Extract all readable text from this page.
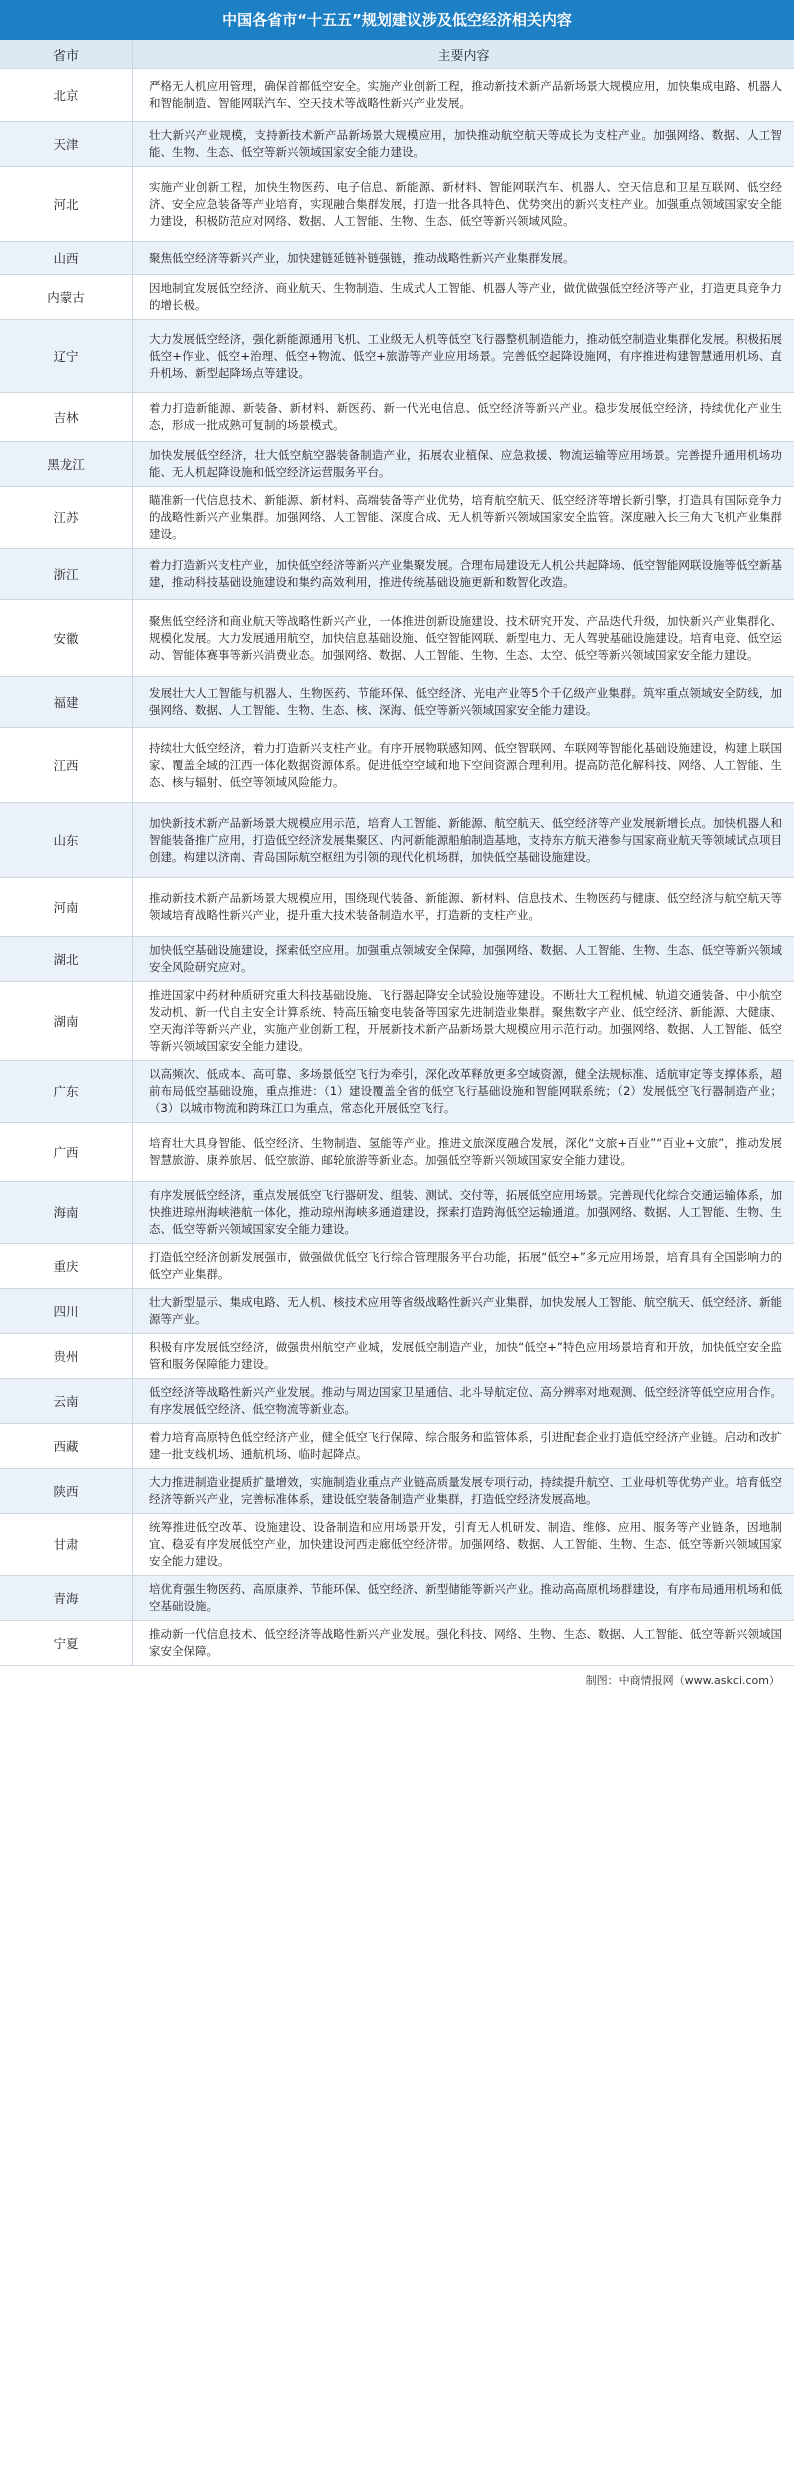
中国各省市“十五五”规划建议涉及低空经济相关内容
省市	主要内容
北京
严格无人机应用管理，确保首都低空安全。实施产业创新工程，推动新技术新产品新场景大规模应用，加快集成电路、机器人和智能制造、智能网联汽车、空天技术等战略性新兴产业发展。
天津
壮大新兴产业规模，支持新技术新产品新场景大规模应用，加快推动航空航天等成长为支柱产业。加强网络、数据、人工智能、生物、生态、低空等新兴领域国家安全能力建设。
河北
实施产业创新工程，加快生物医药、电子信息、新能源、新材料、智能网联汽车、机器人、空天信息和卫星互联网、低空经济、安全应急装备等产业培育，实现融合集群发展，打造一批各具特色、优势突出的新兴支柱产业。加强重点领域国家安全能力建设，积极防范应对网络、数据、人工智能、生物、生态、低空等新兴领域风险。
山西	聚焦低空经济等新兴产业，加快建链延链补链强链，推动战略性新兴产业集群发展。
内蒙古
因地制宜发展低空经济、商业航天、生物制造、生成式人工智能、机器人等产业，做优做强低空经济等产业，打造更具竞争力的增长极。
辽宁
大力发展低空经济，强化新能源通用飞机、工业级无人机等低空飞行器整机制造能力，推动低空制造业集群化发展。积极拓展低空+作业、低空+治理、低空+物流、低空+旅游等产业应用场景。完善低空起降设施网，有序推进构建智慧通用机场、直升机场、新型起降场点等建设。
吉林
着力打造新能源、新装备、新材料、新医药、新一代光电信息、低空经济等新兴产业。稳步发展低空经济，持续优化产业生态，形成一批成熟可复制的场景模式。
黑龙江
加快发展低空经济，壮大低空航空器装备制造产业，拓展农业植保、应急救援、物流运输等应用场景。完善提升通用机场功能、无人机起降设施和低空经济运营服务平台。
江苏
瞄准新一代信息技术、新能源、新材料、高端装备等产业优势，培育航空航天、低空经济等增长新引擎，打造具有国际竞争力的战略性新兴产业集群。加强网络、人工智能、深度合成、无人机等新兴领域国家安全监管。深度融入长三角大飞机产业集群建设。
浙江
着力打造新兴支柱产业，加快低空经济等新兴产业集聚发展。合理布局建设无人机公共起降场、低空智能网联设施等低空新基建，推动科技基础设施建设和集约高效利用，推进传统基础设施更新和数智化改造。
安徽
聚焦低空经济和商业航天等战略性新兴产业，一体推进创新设施建设、技术研究开发、产品迭代升级，加快新兴产业集群化、规模化发展。大力发展通用航空，加快信息基础设施、低空智能网联、新型电力、无人驾驶基础设施建设。培育电竞、低空运动、智能体赛事等新兴消费业态。加强网络、数据、人工智能、生物、生态、太空、低空等新兴领域国家安全能力建设。
福建
发展壮大人工智能与机器人、生物医药、节能环保、低空经济、光电产业等5个千亿级产业集群。筑牢重点领域安全防线，加强网络、数据、人工智能、生物、生态、核、深海、低空等新兴领域国家安全能力建设。
江西
持续壮大低空经济，着力打造新兴支柱产业。有序开展物联感知网、低空智联网、车联网等智能化基础设施建设，构建上联国家、覆盖全域的江西一体化数据资源体系。促进低空空域和地下空间资源合理利用。提高防范化解科技、网络、人工智能、生态、核与辐射、低空等领域风险能力。
山东
加快新技术新产品新场景大规模应用示范，培育人工智能、新能源、航空航天、低空经济等产业发展新增长点。加快机器人和智能装备推广应用，打造低空经济发展集聚区、内河新能源船舶制造基地，支持东方航天港参与国家商业航天等领域试点项目创建。构建以济南、青岛国际航空枢纽为引领的现代化机场群，加快低空基础设施建设。
河南
推动新技术新产品新场景大规模应用，围绕现代装备、新能源、新材料、信息技术、生物医药与健康、低空经济与航空航天等领域培育战略性新兴产业，提升重大技术装备制造水平，打造新的支柱产业。
湖北
加快低空基础设施建设，探索低空应用。加强重点领域安全保障，加强网络、数据、人工智能、生物、生态、低空等新兴领域安全风险研究应对。
湖南
推进国家中药材种质研究重大科技基础设施、飞行器起降安全试验设施等建设。不断壮大工程机械、轨道交通装备、中小航空发动机、新一代自主安全计算系统、特高压输变电装备等国家先进制造业集群。聚焦数字产业、低空经济、新能源、大健康、空天海洋等新兴产业，实施产业创新工程，开展新技术新产品新场景大规模应用示范行动。加强网络、数据、人工智能、低空等新兴领域国家安全能力建设。
广东
以高频次、低成本、高可靠、多场景低空飞行为牵引，深化改革释放更多空域资源，健全法规标准、适航审定等支撑体系，超前布局低空基础设施，重点推进：（1）建设覆盖全省的低空飞行基础设施和智能网联系统；（2）发展低空飞行器制造产业；（3）以城市物流和跨珠江口为重点，常态化开展低空飞行。
广西
培育壮大具身智能、低空经济、生物制造、氢能等产业。推进文旅深度融合发展，深化“文旅+百业”“百业+文旅”，推动发展智慧旅游、康养旅居、低空旅游、邮轮旅游等新业态。加强低空等新兴领域国家安全能力建设。
海南
有序发展低空经济，重点发展低空飞行器研发、组装、测试、交付等，拓展低空应用场景。完善现代化综合交通运输体系，加快推进琼州海峡港航一体化，推动琼州海峡多通道建设，探索打造跨海低空运输通道。加强网络、数据、人工智能、生物、生态、低空等新兴领域国家安全能力建设。
重庆
打造低空经济创新发展强市，做强做优低空飞行综合管理服务平台功能，拓展“低空+”多元应用场景，培育具有全国影响力的低空产业集群。
四川
壮大新型显示、集成电路、无人机、核技术应用等省级战略性新兴产业集群，加快发展人工智能、航空航天、低空经济、新能源等产业。
贵州
积极有序发展低空经济，做强贵州航空产业城，发展低空制造产业，加快“低空+”特色应用场景培育和开放，加快低空安全监管和服务保障能力建设。
云南
低空经济等战略性新兴产业发展。推动与周边国家卫星通信、北斗导航定位、高分辨率对地观测、低空经济等低空应用合作。有序发展低空经济、低空物流等新业态。
西藏
着力培育高原特色低空经济产业，健全低空飞行保障、综合服务和监管体系，引进配套企业打造低空经济产业链。启动和改扩建一批支线机场、通航机场、临时起降点。
陕西
大力推进制造业提质扩量增效，实施制造业重点产业链高质量发展专项行动，持续提升航空、工业母机等优势产业。培育低空经济等新兴产业，完善标准体系，建设低空装备制造产业集群，打造低空经济发展高地。
甘肃
统筹推进低空改革、设施建设、设备制造和应用场景开发，引育无人机研发、制造、维修、应用、服务等产业链条，因地制宜、稳妥有序发展低空产业，加快建设河西走廊低空经济带。加强网络、数据、人工智能、生物、生态、低空等新兴领域国家安全能力建设。
青海
培优育强生物医药、高原康养、节能环保、低空经济、新型储能等新兴产业。推动高高原机场群建设，有序布局通用机场和低空基础设施。
宁夏
推动新一代信息技术、低空经济等战略性新兴产业发展。强化科技、网络、生物、生态、数据、人工智能、低空等新兴领域国家安全保障。
制图：中商情报网（www.askci.com）
